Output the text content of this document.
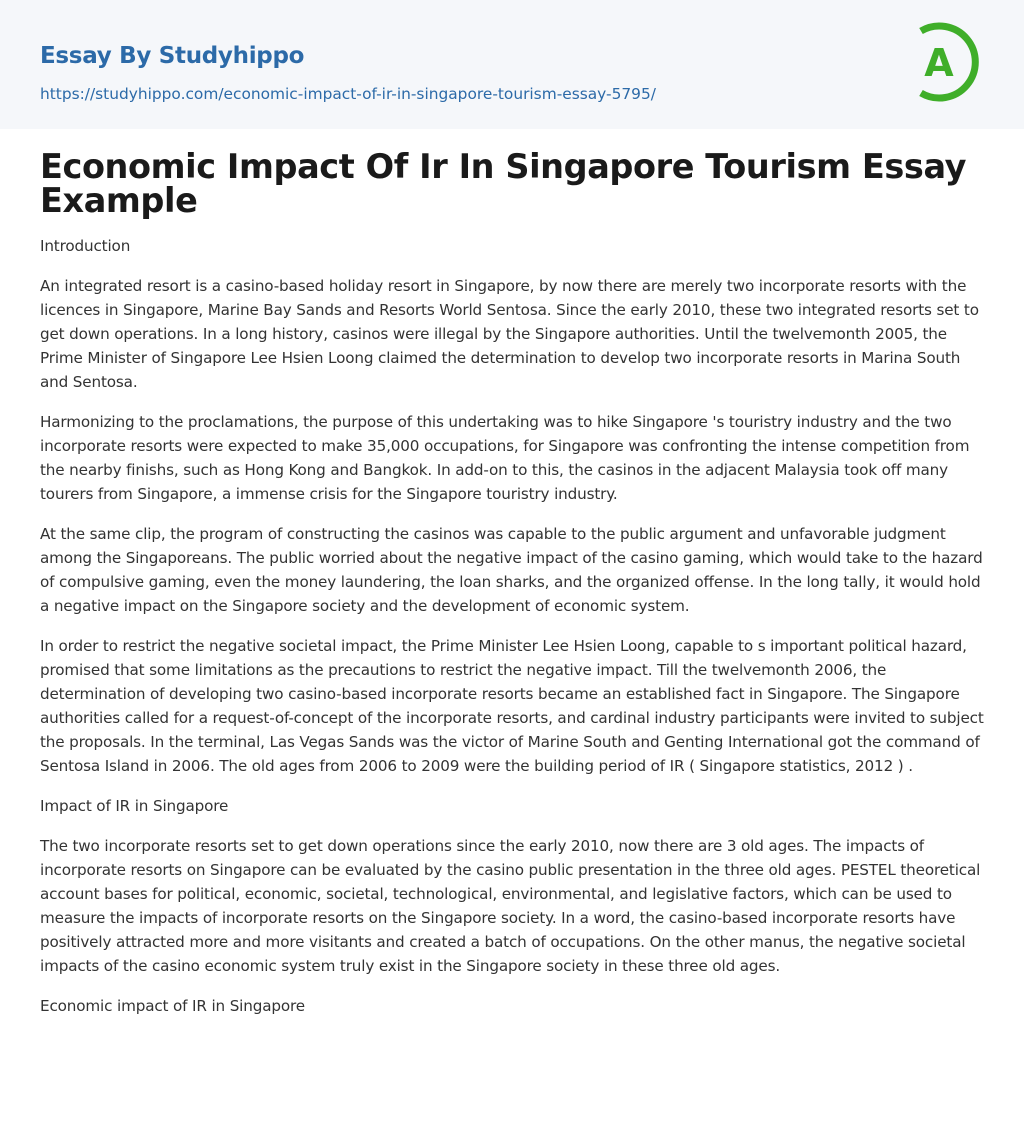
Essay By Studyhippo
https://studyhippo.com/economic-impact-of-ir-in-singapore-tourism-essay-5795/
A
Economic Impact Of Ir In Singapore Tourism Essay Example

Introduction

An integrated resort is a casino-based holiday resort in Singapore, by now there are merely two incorporate resorts with the licences in Singapore, Marine Bay Sands and Resorts World Sentosa. Since the early 2010, these two integrated resorts set to get down operations. In a long history, casinos were illegal by the Singapore authorities. Until the twelvemonth 2005, the Prime Minister of Singapore Lee Hsien Loong claimed the determination to develop two incorporate resorts in Marina South and Sentosa.

Harmonizing to the proclamations, the purpose of this undertaking was to hike Singapore 's touristry industry and the two incorporate resorts were expected to make 35,000 occupations, for Singapore was confronting the intense competition from the nearby finishs, such as Hong Kong and Bangkok. In add-on to this, the casinos in the adjacent Malaysia took off many tourers from Singapore, a immense crisis for the Singapore touristry industry.

At the same clip, the program of constructing the casinos was capable to the public argument and unfavorable judgment among the Singaporeans. The public worried about the negative impact of the casino gaming, which would take to the hazard of compulsive gaming, even the money laundering, the loan sharks, and the organized offense. In the long tally, it would hold a negative impact on the Singapore society and the development of economic system.

In order to restrict the negative societal impact, the Prime Minister Lee Hsien Loong, capable to s important political hazard, promised that some limitations as the precautions to restrict the negative impact. Till the twelvemonth 2006, the determination of developing two casino-based incorporate resorts became an established fact in Singapore. The Singapore authorities called for a request-of-concept of the incorporate resorts, and cardinal industry participants were invited to subject the proposals. In the terminal, Las Vegas Sands was the victor of Marine South and Genting International got the command of Sentosa Island in 2006. The old ages from 2006 to 2009 were the building period of IR ( Singapore statistics, 2012 ) .

Impact of IR in Singapore

The two incorporate resorts set to get down operations since the early 2010, now there are 3 old ages. The impacts of incorporate resorts on Singapore can be evaluated by the casino public presentation in the three old ages. PESTEL theoretical account bases for political, economic, societal, technological, environmental, and legislative factors, which can be used to measure the impacts of incorporate resorts on the Singapore society. In a word, the casino-based incorporate resorts have positively attracted more and more visitants and created a batch of occupations. On the other manus, the negative societal impacts of the casino economic system truly exist in the Singapore society in these three old ages.

Economic impact of IR in Singapore
